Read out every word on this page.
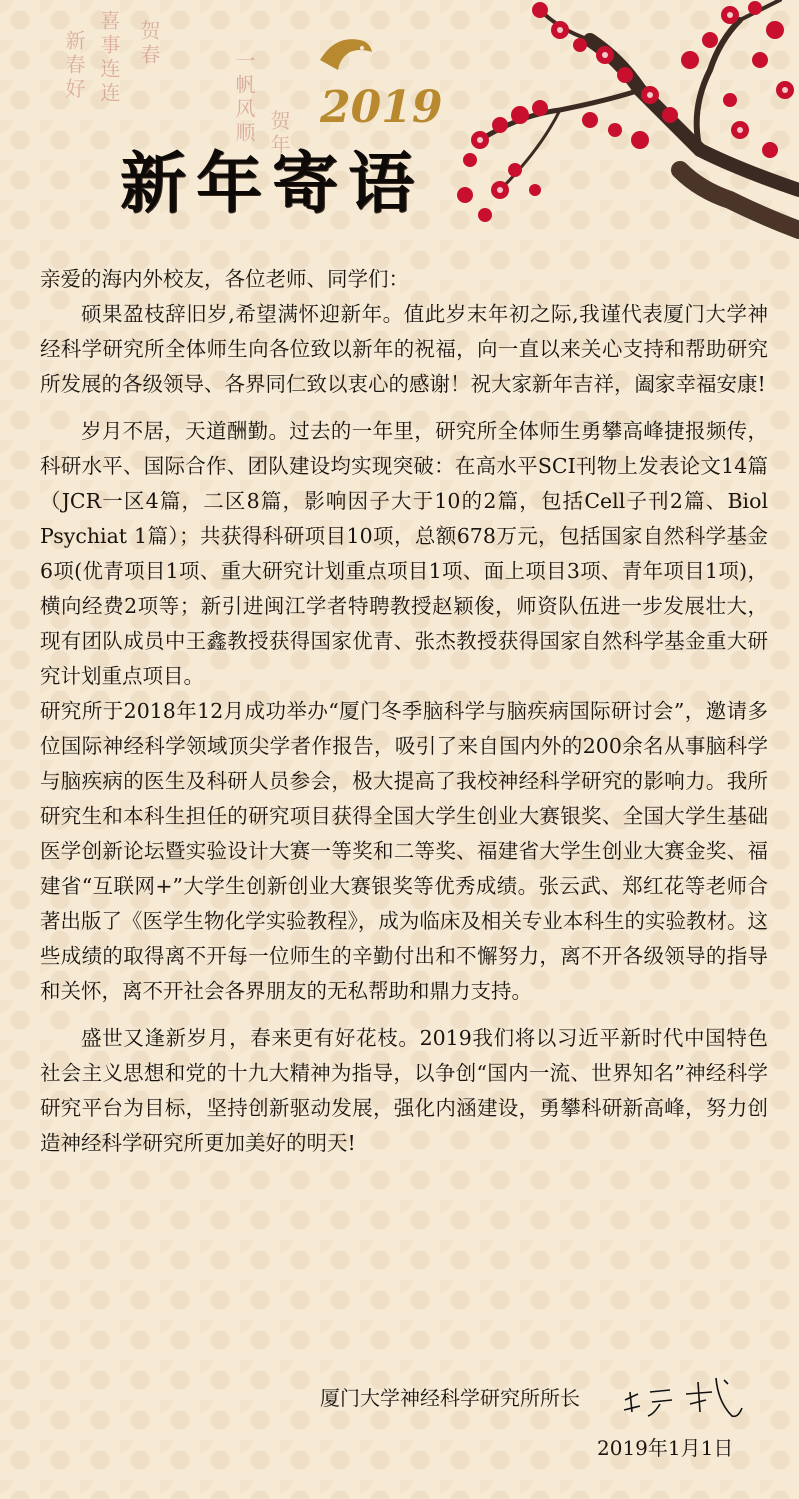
新春好 喜事连连 贺春
一帆风顺 贺年
2019
新年寄语

亲爱的海内外校友，各位老师、同学们：

硕果盈枝辞旧岁,希望满怀迎新年。值此岁末年初之际,我谨代表厦门大学神经科学研究所全体师生向各位致以新年的祝福，向一直以来关心支持和帮助研究所发展的各级领导、各界同仁致以衷心的感谢！祝大家新年吉祥，阖家幸福安康!

岁月不居，天道酬勤。过去的一年里，研究所全体师生勇攀高峰捷报频传，科研水平、国际合作、团队建设均实现突破：在高水平SCI刊物上发表论文14篇（JCR一区4篇，二区8篇，影响因子大于10的2篇，包括Cell子刊2篇、Biol Psychiat 1篇）；共获得科研项目10项，总额678万元，包括国家自然科学基金6项(优青项目1项、重大研究计划重点项目1项、面上项目3项、青年项目1项)，横向经费2项等；新引进闽江学者特聘教授赵颖俊，师资队伍进一步发展壮大，现有团队成员中王鑫教授获得国家优青、张杰教授获得国家自然科学基金重大研究计划重点项目。

研究所于2018年12月成功举办“厦门冬季脑科学与脑疾病国际研讨会”，邀请多位国际神经科学领域顶尖学者作报告，吸引了来自国内外的200余名从事脑科学与脑疾病的医生及科研人员参会，极大提高了我校神经科学研究的影响力。我所研究生和本科生担任的研究项目获得全国大学生创业大赛银奖、全国大学生基础医学创新论坛暨实验设计大赛一等奖和二等奖、福建省大学生创业大赛金奖、福建省“互联网+”大学生创新创业大赛银奖等优秀成绩。张云武、郑红花等老师合著出版了《医学生物化学实验教程》，成为临床及相关专业本科生的实验教材。这些成绩的取得离不开每一位师生的辛勤付出和不懈努力，离不开各级领导的指导和关怀，离不开社会各界朋友的无私帮助和鼎力支持。

盛世又逢新岁月，春来更有好花枝。2019我们将以习近平新时代中国特色社会主义思想和党的十九大精神为指导，以争创“国内一流、世界知名”神经科学研究平台为目标，坚持创新驱动发展，强化内涵建设，勇攀科研新高峰，努力创造神经科学研究所更加美好的明天!

厦门大学神经科学研究所所长
2019年1月1日
